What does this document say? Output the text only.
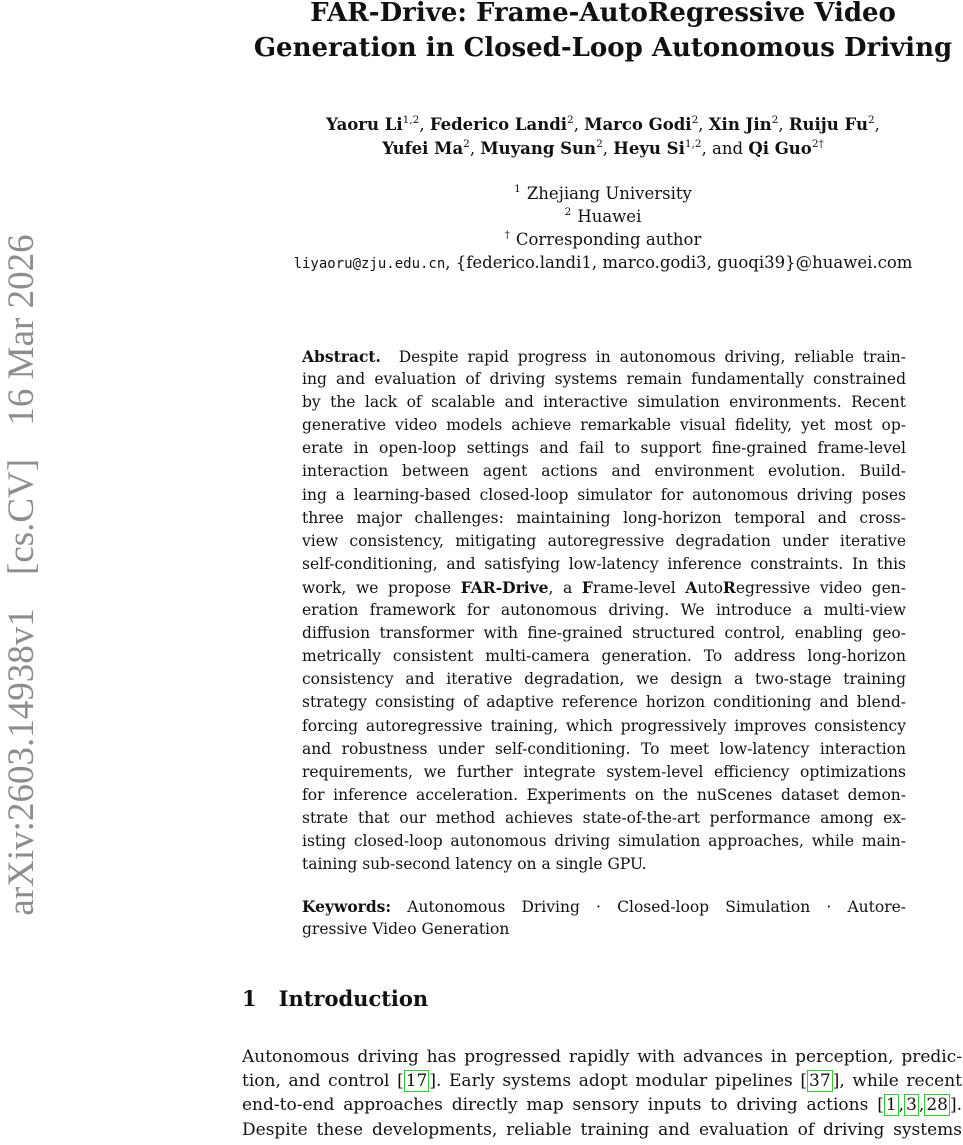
arXiv:2603.14938v1[cs.CV]16 Mar 2026
FAR-Drive: Frame-AutoRegressive Video
Generation in Closed-Loop Autonomous Driving
Yaoru Li$^{1,2}$, Federico Landi$^2$, Marco Godi$^2$, Xin Jin$^2$, Ruiju Fu$^2$,
Yufei Ma$^2$, Muyang Sun$^2$, Heyu Si$^{1,2}$, and Qi Guo$^{2\dagger}$
$^1$ Zhejiang University
$^2$ Huawei
† Corresponding author
liyaoru@zju.edu.cn, {federico.landi1, marco.godi3, guoqi39}@huawei.com
Abstract. Despite rapid progress in autonomous driving, reliable train-
ing and evaluation of driving systems remain fundamentally constrained
by the lack of scalable and interactive simulation environments. Recent
generative video models achieve remarkable visual fidelity, yet most op-
erate in open-loop settings and fail to support fine-grained frame-level
interaction between agent actions and environment evolution. Build-
ing a learning-based closed-loop simulator for autonomous driving poses
three major challenges: maintaining long-horizon temporal and cross-
view consistency, mitigating autoregressive degradation under iterative
self-conditioning, and satisfying low-latency inference constraints. In this
work, we propose FAR-Drive, a Frame-level AutoRegressive video gen-
eration framework for autonomous driving. We introduce a multi-view
diffusion transformer with fine-grained structured control, enabling geo-
metrically consistent multi-camera generation. To address long-horizon
consistency and iterative degradation, we design a two-stage training
strategy consisting of adaptive reference horizon conditioning and blend-
forcing autoregressive training, which progressively improves consistency
and robustness under self-conditioning. To meet low-latency interaction
requirements, we further integrate system-level efficiency optimizations
for inference acceleration. Experiments on the nuScenes dataset demon-
strate that our method achieves state-of-the-art performance among ex-
isting closed-loop autonomous driving simulation approaches, while main-
taining sub-second latency on a single GPU.
Keywords: Autonomous Driving · Closed-loop Simulation · Autore-
gressive Video Generation
1 Introduction
Autonomous driving has progressed rapidly with advances in perception, predic-
tion, and control [ 17 ]. Early systems adopt modular pipelines [ 37 ], while recent
end-to-end approaches directly map sensory inputs to driving actions [ 1 , 3 , 28 ].
Despite these developments, reliable training and evaluation of driving systems
